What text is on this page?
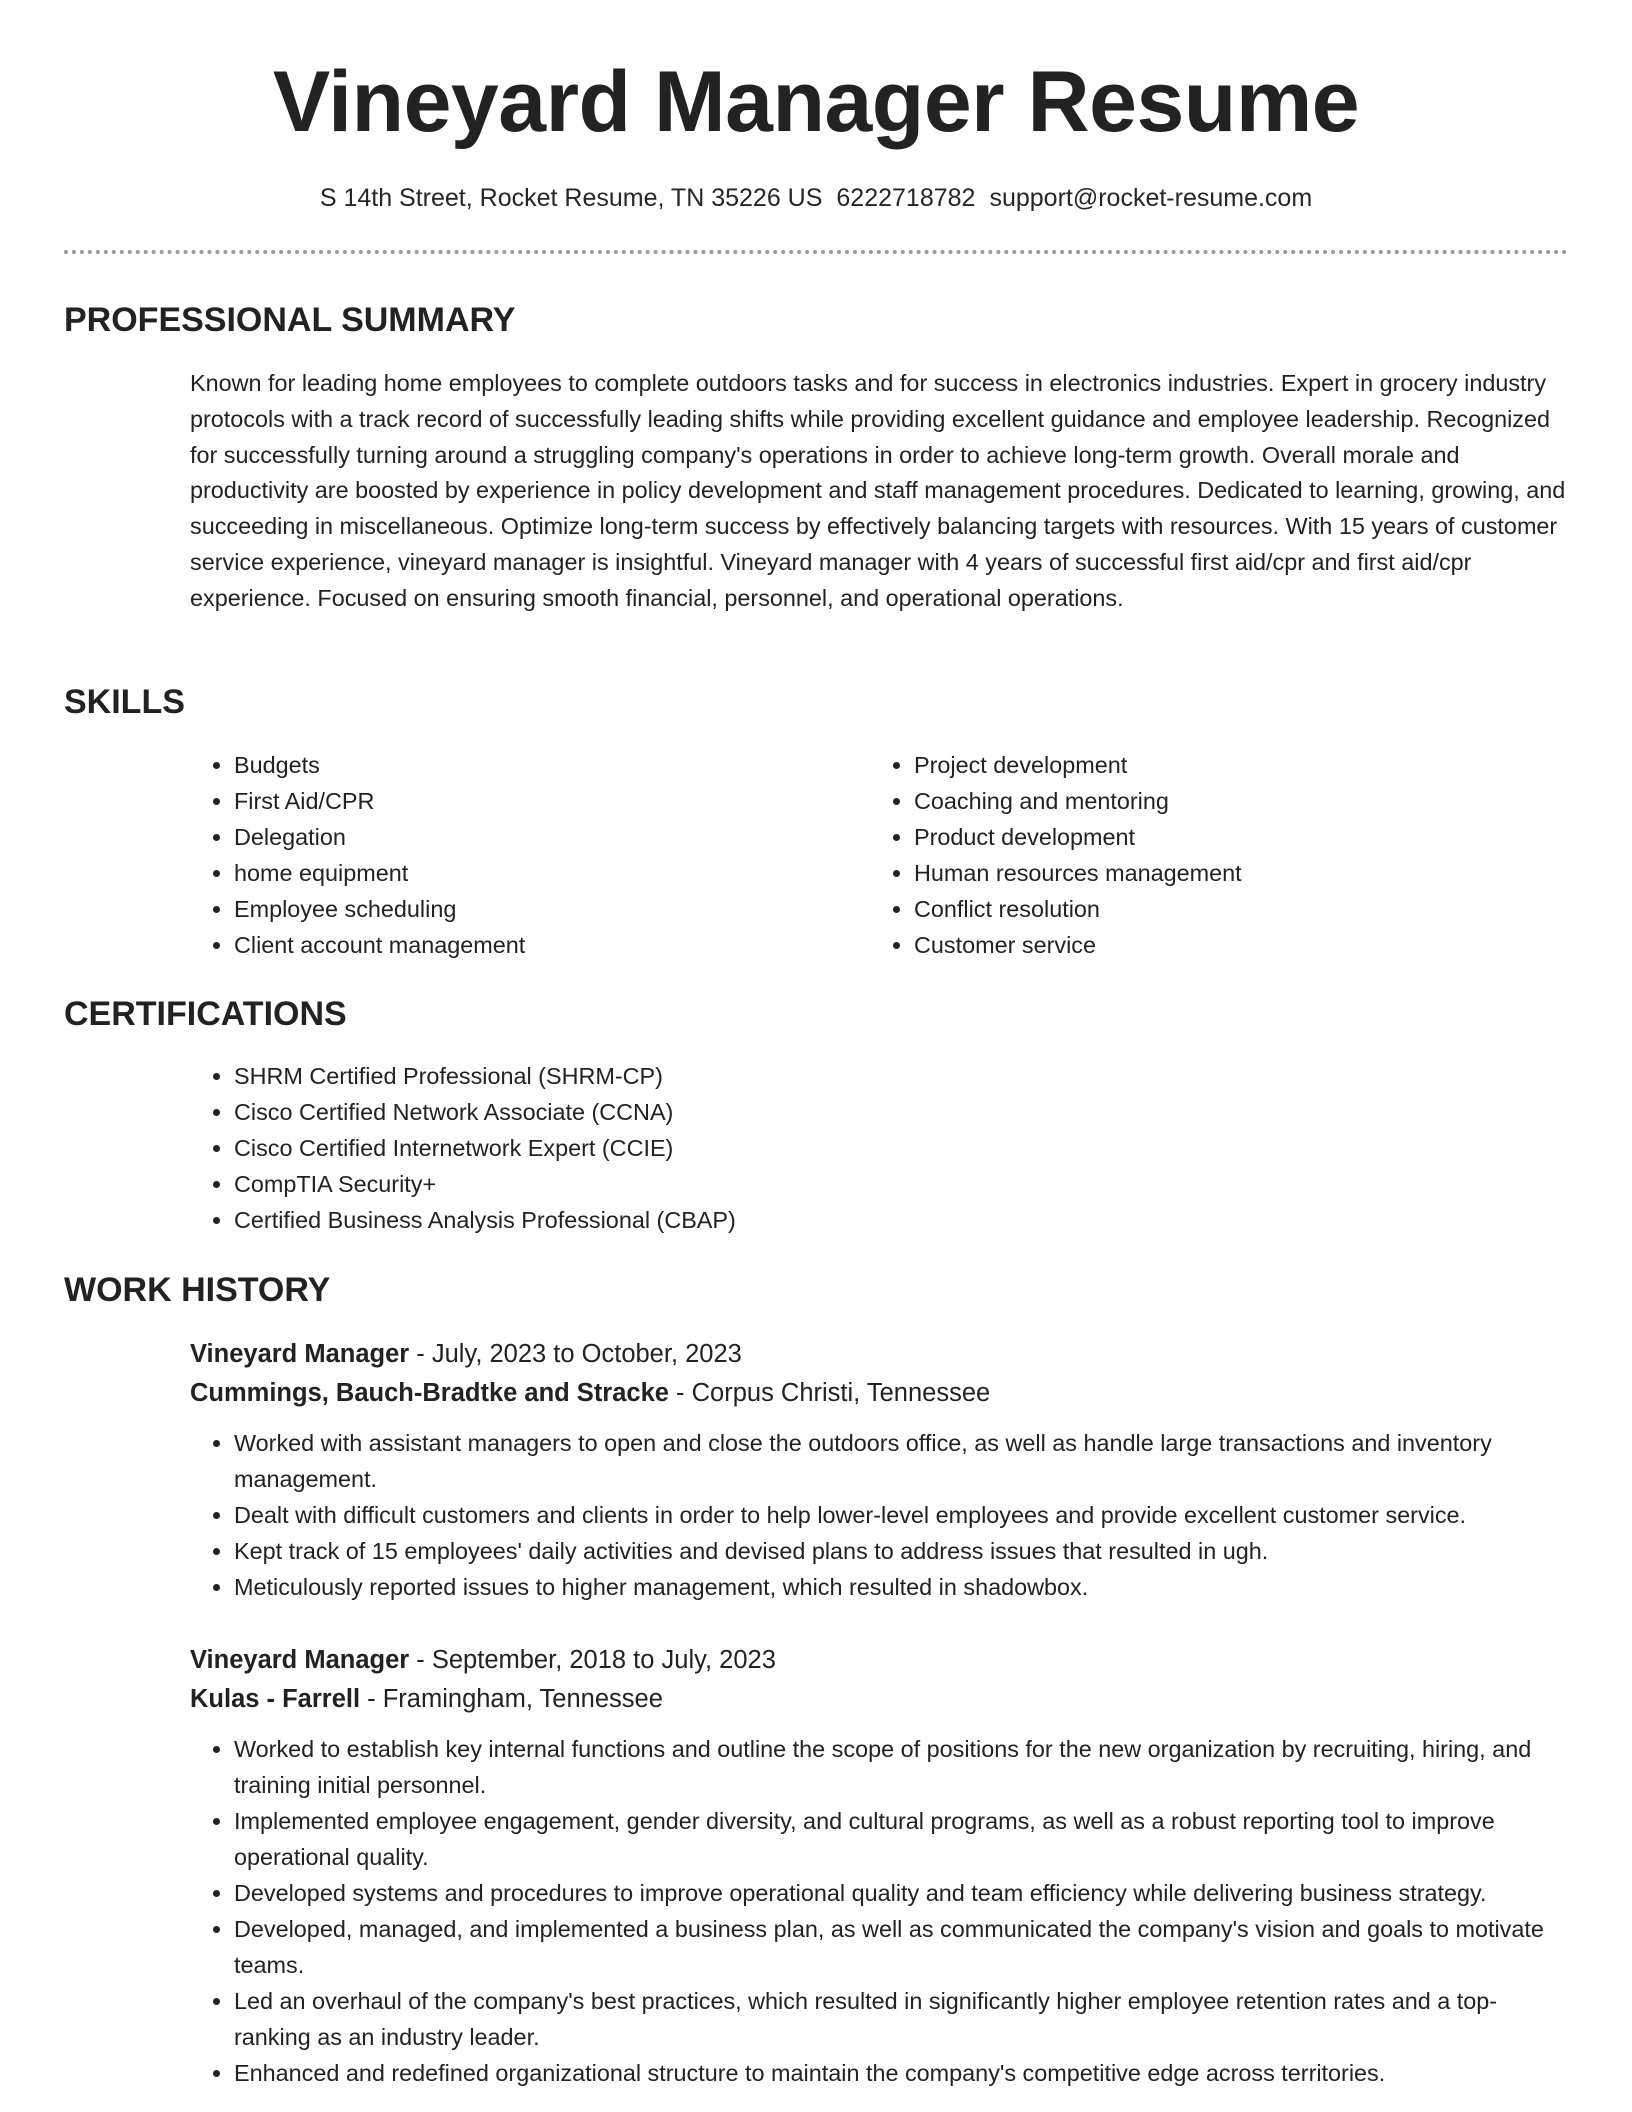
Vineyard Manager Resume
S 14th Street, Rocket Resume, TN 35226 US 6222718782 support@rocket-resume.com
PROFESSIONAL SUMMARY

Known for leading home employees to complete outdoors tasks and for success in electronics industries. Expert in grocery industry protocols with a track record of successfully leading shifts while providing excellent guidance and employee leadership. Recognized for successfully turning around a struggling company's operations in order to achieve long-term growth. Overall morale and productivity are boosted by experience in policy development and staff management procedures. Dedicated to learning, growing, and succeeding in miscellaneous. Optimize long-term success by effectively balancing targets with resources. With 15 years of customer service experience, vineyard manager is insightful. Vineyard manager with 4 years of successful first aid/cpr and first aid/cpr experience. Focused on ensuring smooth financial, personnel, and operational operations.

SKILLS
• Budgets
• First Aid/CPR
• Delegation
• home equipment
• Employee scheduling
• Client account management
• Project development
• Coaching and mentoring
• Product development
• Human resources management
• Conflict resolution
• Customer service
CERTIFICATIONS
• SHRM Certified Professional (SHRM-CP)
• Cisco Certified Network Associate (CCNA)
• Cisco Certified Internetwork Expert (CCIE)
• CompTIA Security+
• Certified Business Analysis Professional (CBAP)
WORK HISTORY
Vineyard Manager - July, 2023 to October, 2023
Cummings, Bauch-Bradtke and Stracke - Corpus Christi, Tennessee
• Worked with assistant managers to open and close the outdoors office, as well as handle large transactions and inventory management.
• Dealt with difficult customers and clients in order to help lower-level employees and provide excellent customer service.
• Kept track of 15 employees' daily activities and devised plans to address issues that resulted in ugh.
• Meticulously reported issues to higher management, which resulted in shadowbox.
Vineyard Manager - September, 2018 to July, 2023
Kulas - Farrell - Framingham, Tennessee
• Worked to establish key internal functions and outline the scope of positions for the new organization by recruiting, hiring, and training initial personnel.
• Implemented employee engagement, gender diversity, and cultural programs, as well as a robust reporting tool to improve operational quality.
• Developed systems and procedures to improve operational quality and team efficiency while delivering business strategy.
• Developed, managed, and implemented a business plan, as well as communicated the company's vision and goals to motivate teams.
• Led an overhaul of the company's best practices, which resulted in significantly higher employee retention rates and a top-ranking as an industry leader.
• Enhanced and redefined organizational structure to maintain the company's competitive edge across territories.
